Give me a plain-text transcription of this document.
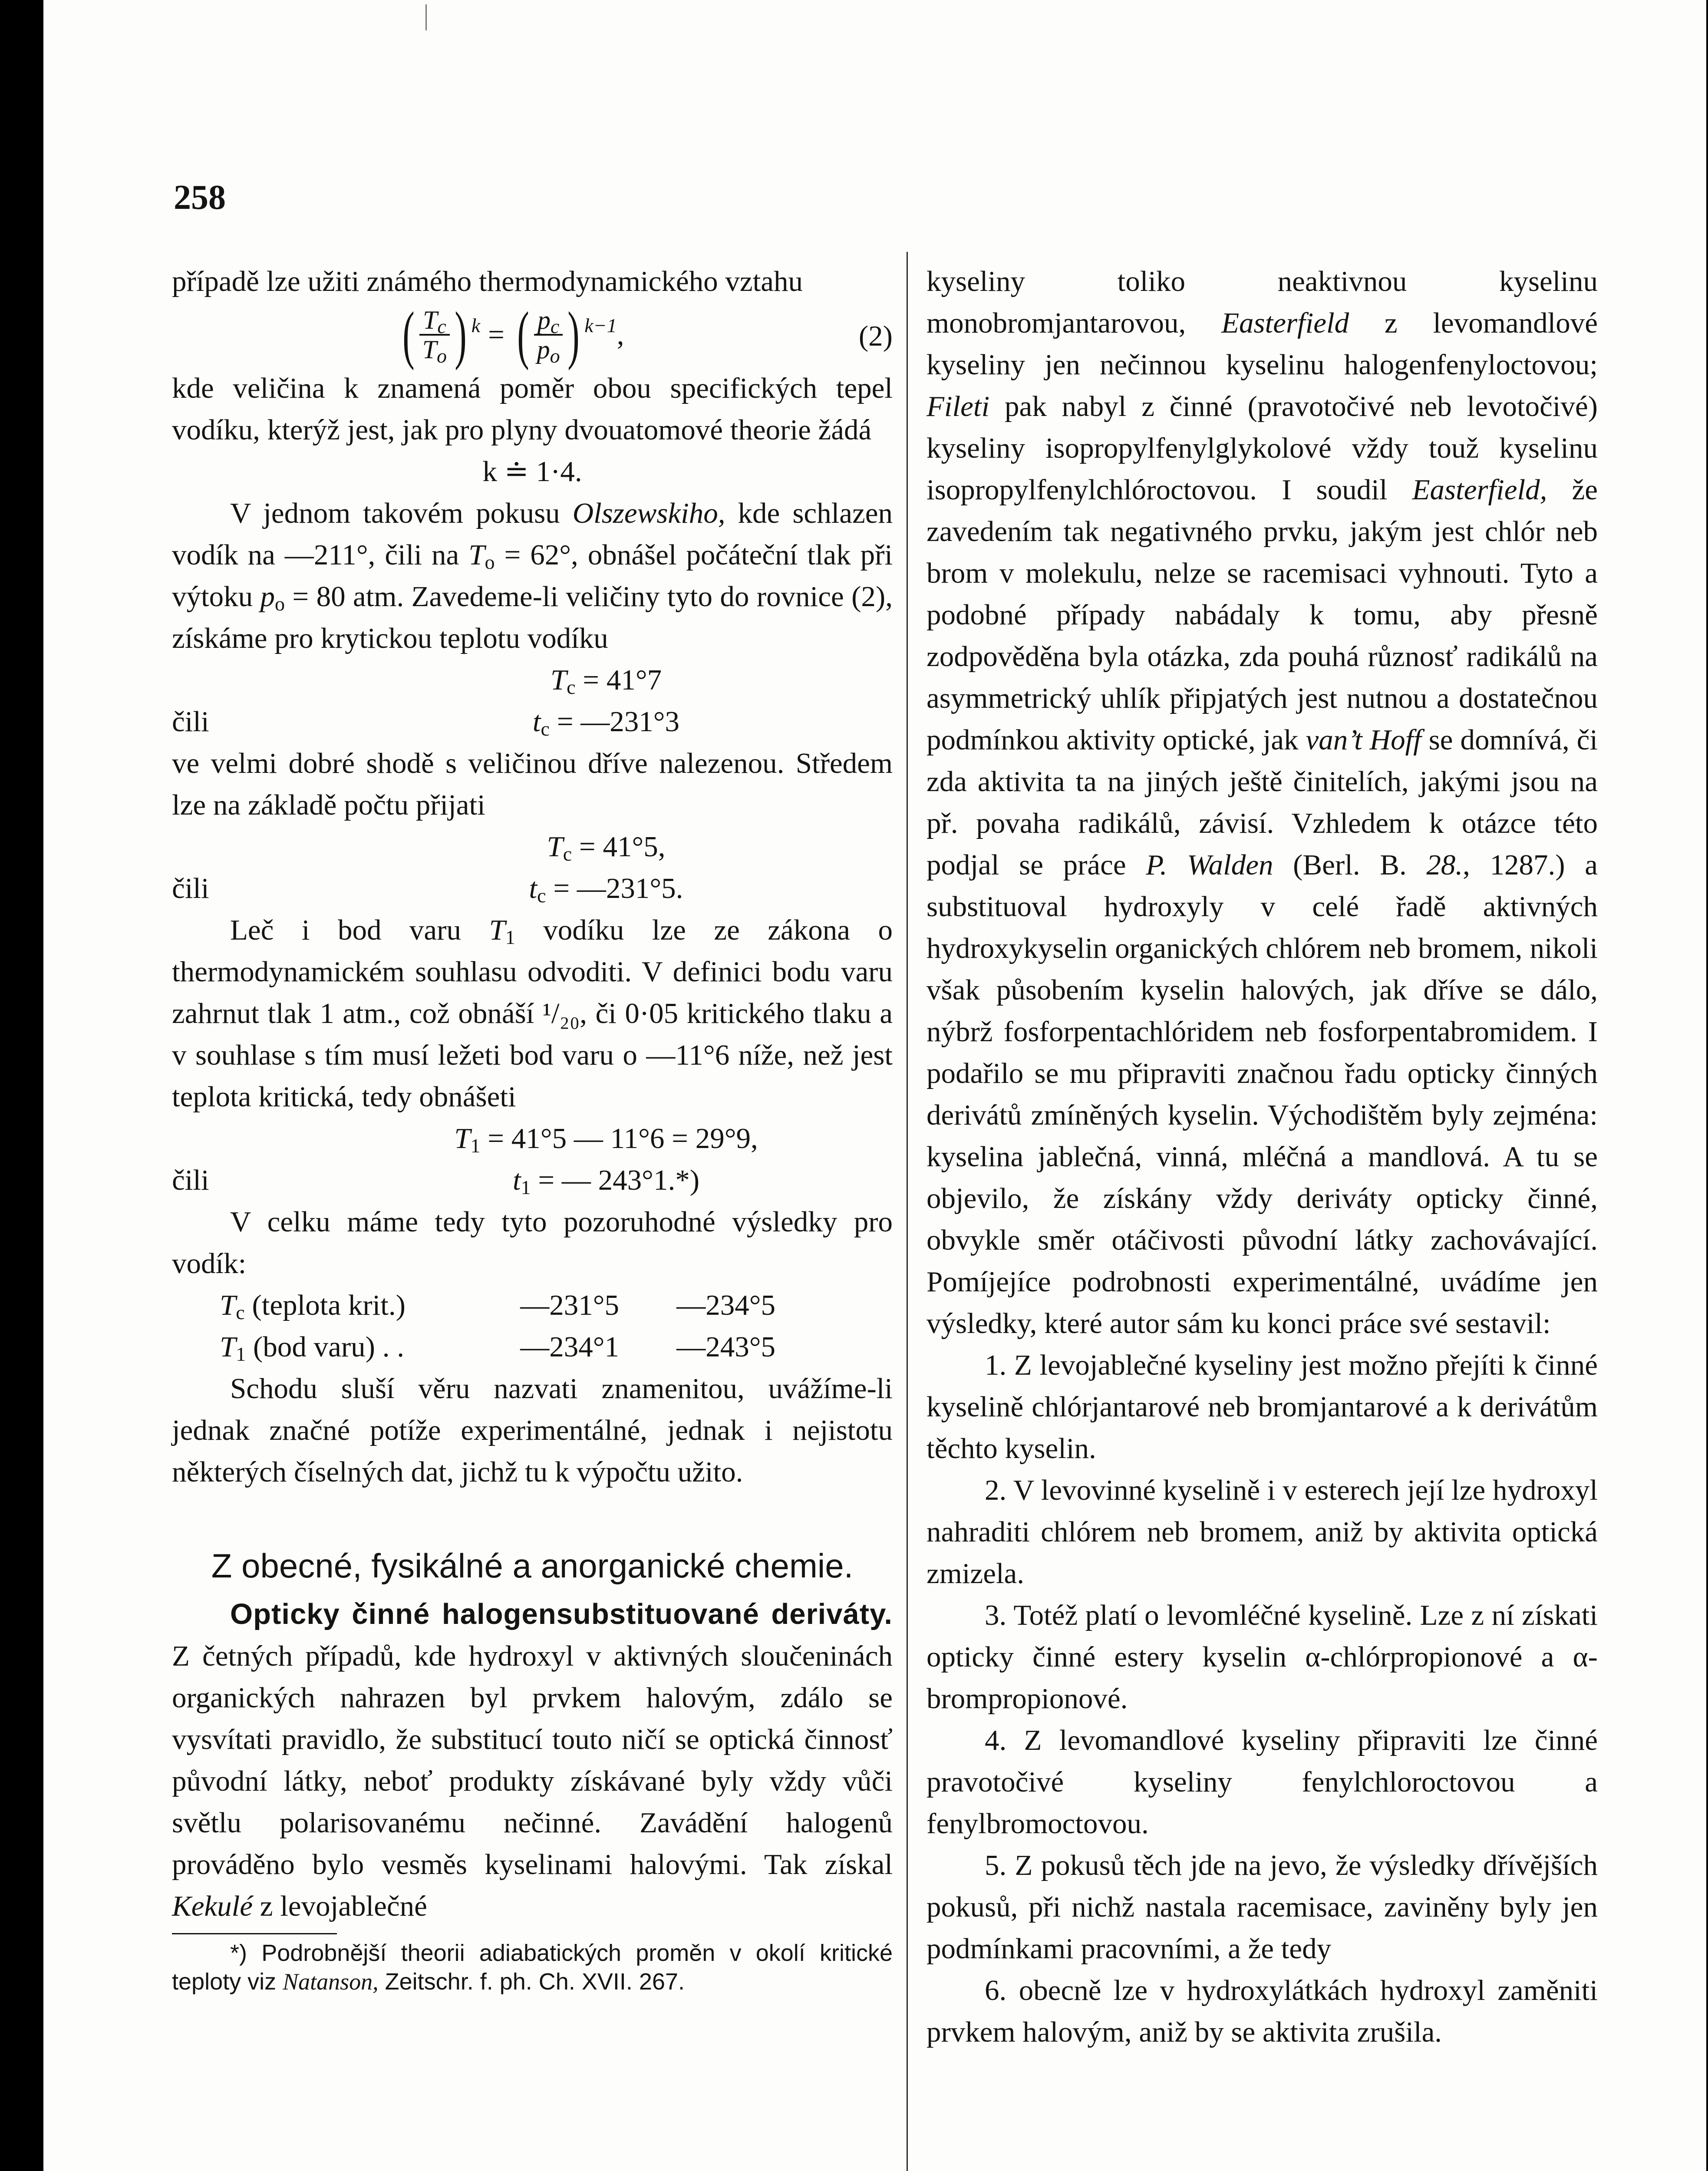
258

případě lze užiti známého thermodynamického vztahu

( $\frac{T_c}{T_o}$ ) k = ( $\frac{p_c}{p_o}$ ) k−1 ,	(2)

kde veličina k znamená poměr obou specifických tepel vodíku, kterýž jest, jak pro plyny dvouatomové theorie žádá

k ≐ 1·4.

V jednom takovém pokusu Olszewskiho, kde schlazen vodík na —211°, čili na $T_o = 62^\circ$, obnášel počáteční tlak při výtoku $p_o = 80$ atm. Zavedeme-li veličiny tyto do rovnice (2), získáme pro krytickou teplotu vodíku

$T_c = 41^\circ 7$
čili	$t_c$ = —231°3

ve velmi dobré shodě s veličinou dříve nalezenou. Středem lze na základě počtu přijati

$T_c = 41^\circ 5$,
čili	$t_c$ = —231°5.

Leč i bod varu $T_1$ vodíku lze ze zákona o thermodynamickém souhlasu odvoditi. V definici bodu varu zahrnut tlak 1 atm., což obnáší ¹/₂₀, či 0·05 kritického tlaku a v souhlase s tím musí ležeti bod varu o —11°6 níže, než jest teplota kritická, tedy obnášeti

$T_1 = 41^\circ 5$ — 11°6 = 29°9,
čili	$t_1$ = — 243°1.*)

V celku máme tedy tyto pozoruhodné výsledky pro vodík:

$T_c$ (teplota krit.)	—231°5	—234°5
$T_1$ (bod varu) . .	—234°1	—243°5

Schodu sluší věru nazvati znamenitou, uvážíme-li jednak značné potíže experimentálné, jednak i nejistotu některých číselných dat, jichž tu k výpočtu užito.

Z obecné, fysikálné a anorganické chemie.

Opticky činné halogensubstituované deriváty. Z četných případů, kde hydroxyl v aktivných sloučeninách organických nahrazen byl prvkem halovým, zdálo se vysvítati pravidlo, že substitucí touto ničí se optická činnosť původní látky, neboť produkty získávané byly vždy vůči světlu polarisovanému nečinné. Zavádění halogenů prováděno bylo vesměs kyselinami halovými. Tak získal Kekulé z levojablečné

*) Podrobnější theorii adiabatických proměn v okolí kritické teploty viz Natanson, Zeitschr. f. ph. Ch. XVII. 267.

kyseliny toliko neaktivnou kyselinu monobromjantarovou, Easterfield z levomandlové kyseliny jen nečinnou kyselinu halogenfenyloctovou; Fileti pak nabyl z činné (pravotočivé neb levotočivé) kyseliny isopropylfenylglykolové vždy touž kyselinu isopropylfenylchlóroctovou. I soudil Easterfield, že zavedením tak negativného prvku, jakým jest chlór neb brom v molekulu, nelze se racemisaci vyhnouti. Tyto a podobné případy nabádaly k tomu, aby přesně zodpověděna byla otázka, zda pouhá různosť radikálů na asymmetrický uhlík připjatých jest nutnou a dostatečnou podmínkou aktivity optické, jak van’t Hoff se domnívá, či zda aktivita ta na jiných ještě činitelích, jakými jsou na př. povaha radikálů, závisí. Vzhledem k otázce této podjal se práce P. Walden (Berl. B. 28., 1287.) a substituoval hydroxyly v celé řadě aktivných hydroxykyselin organických chlórem neb bromem, nikoli však působením kyselin halových, jak dříve se dálo, nýbrž fosforpentachlóridem neb fosforpentabromidem. I podařilo se mu připraviti značnou řadu opticky činných derivátů zmíněných kyselin. Východištěm byly zejména: kyselina jablečná, vinná, mléčná a mandlová. A tu se objevilo, že získány vždy deriváty opticky činné, obvykle směr otáčivosti původní látky zachovávající. Pomíjejíce podrobnosti experimentálné, uvádíme jen výsledky, které autor sám ku konci práce své sestavil:

1. Z levojablečné kyseliny jest možno přejíti k činné kyselině chlórjantarové neb bromjantarové a k derivátům těchto kyselin.

2. V levovinné kyselině i v esterech její lze hydroxyl nahraditi chlórem neb bromem, aniž by aktivita optická zmizela.

3. Totéž platí o levomléčné kyselině. Lze z ní získati opticky činné estery kyselin α-chlórpropionové a α-brompropionové.

4. Z levomandlové kyseliny připraviti lze činné pravotočivé kyseliny fenylchloroctovou a fenylbromoctovou.

5. Z pokusů těch jde na jevo, že výsledky dřívějších pokusů, při nichž nastala racemisace, zaviněny byly jen podmínkami pracovními, a že tedy

6. obecně lze v hydroxylátkách hydroxyl zaměniti prvkem halovým, aniž by se aktivita zrušila.
